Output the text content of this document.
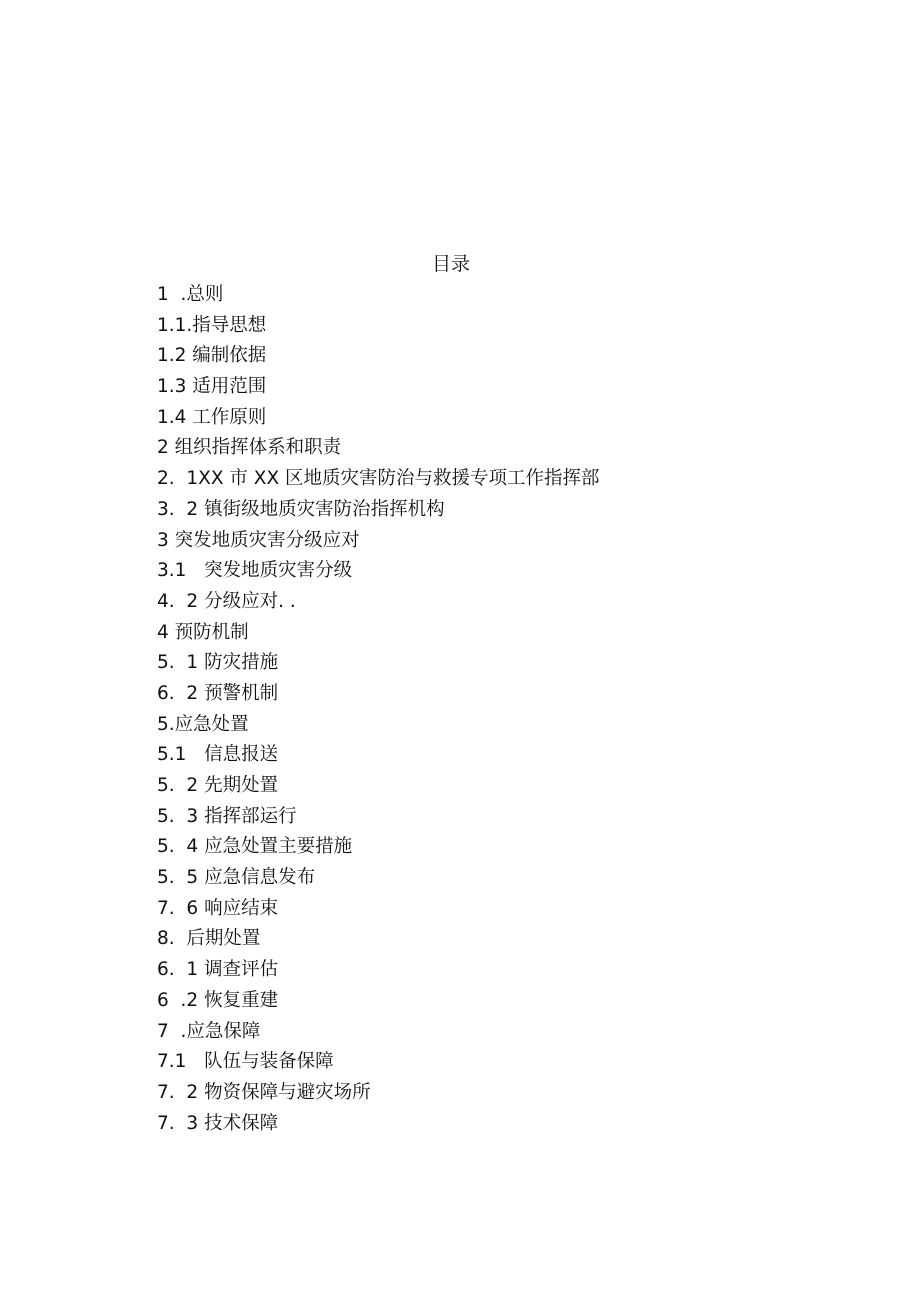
目录
1  .总则
1.1.指导思想
1.2 编制依据
1.3 适用范围
1.4 工作原则
2 组织指挥体系和职责
2.  1XX 市 XX 区地质灾害防治与救援专项工作指挥部
3.  2 镇街级地质灾害防治指挥机构
3 突发地质灾害分级应对
3.1   突发地质灾害分级
4.  2 分级应对. .
4 预防机制
5.  1 防灾措施
6.  2 预警机制
5.应急处置
5.1   信息报送
5.  2 先期处置
5.  3 指挥部运行
5.  4 应急处置主要措施
5.  5 应急信息发布
7.  6 响应结束
8.  后期处置
6.  1 调查评估
6  .2 恢复重建
7  .应急保障
7.1   队伍与装备保障
7.  2 物资保障与避灾场所
7.  3 技术保障
